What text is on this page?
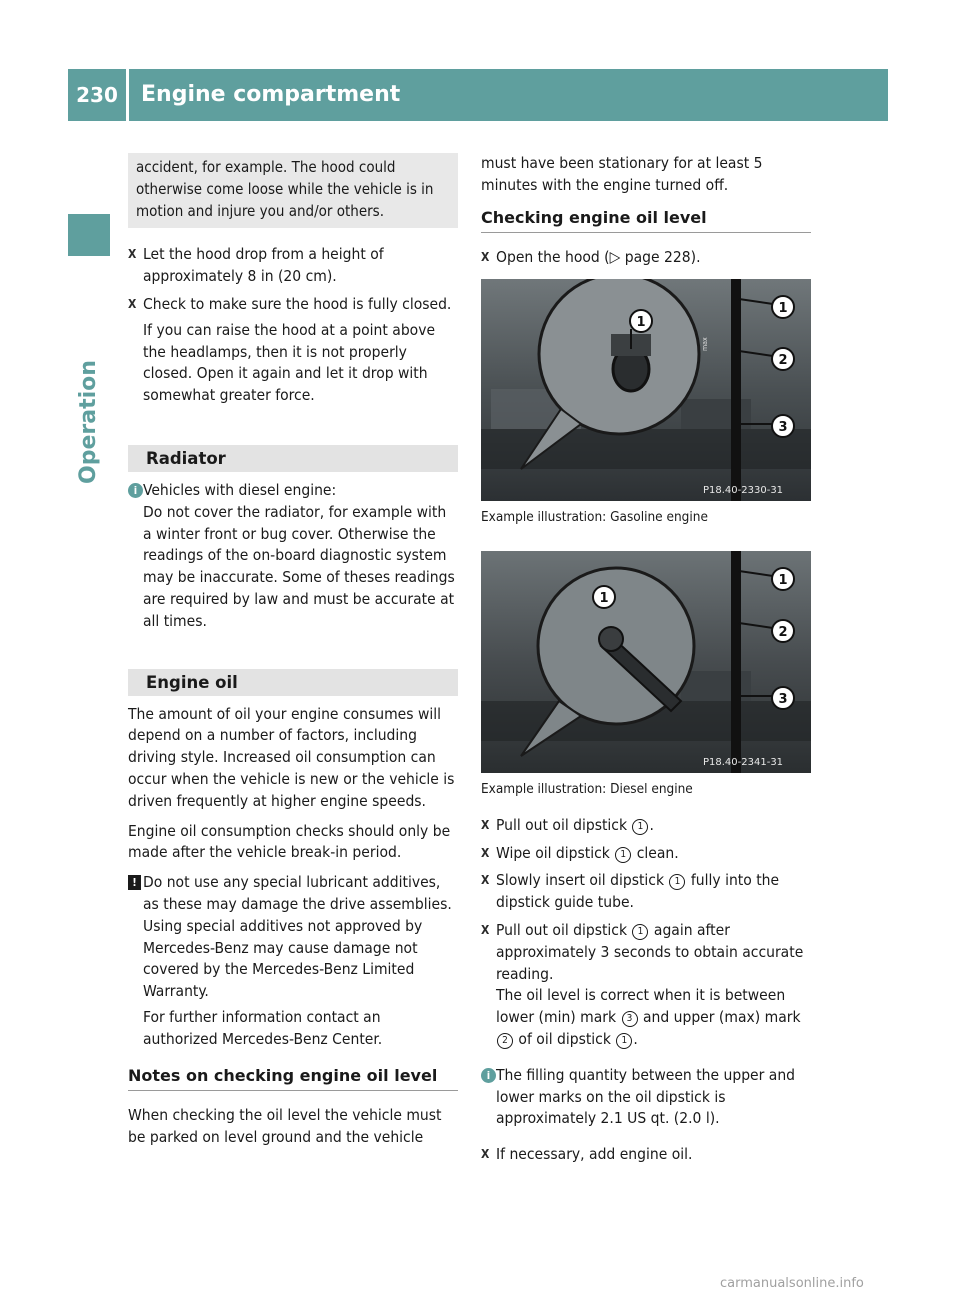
230	Engine compartment
Operation
accident, for example. The hood could otherwise come loose while the vehicle is in motion and injure you and/or others.
X Let the hood drop from a height of approximately 8 in (20 cm).
X Check to make sure the hood is fully closed.

If you can raise the hood at a point above the headlamps, then it is not properly closed. Open it again and let it drop with somewhat greater force.

Radiator
i Vehicles with diesel engine:
Do not cover the radiator, for example with a winter front or bug cover. Otherwise the readings of the on-board diagnostic system may be inaccurate. Some of theses readings are required by law and must be accurate at all times.
Engine oil

The amount of oil your engine consumes will depend on a number of factors, including driving style. Increased oil consumption can occur when the vehicle is new or the vehicle is driven frequently at higher engine speeds.

Engine oil consumption checks should only be made after the vehicle break-in period.

! Do not use any special lubricant additives, as these may damage the drive assemblies. Using special additives not approved by Mercedes-Benz may cause damage not covered by the Mercedes-Benz Limited Warranty.

For further information contact an authorized Mercedes-Benz Center.

Notes on checking engine oil level

When checking the oil level the vehicle must be parked on level ground and the vehicle

must have been stationary for at least 5 minutes with the engine turned off.

Checking engine oil level
X Open the hood (▷ page 228).
max
1
1
2
3
P18.40-2330-31

Example illustration: Gasoline engine

1
1
2
3
P18.40-2341-31

Example illustration: Diesel engine

X Pull out oil dipstick 1 .
X Wipe oil dipstick 1 clean.
X Slowly insert oil dipstick 1 fully into the dipstick guide tube.
X Pull out oil dipstick 1 again after approximately 3 seconds to obtain accurate reading.
The oil level is correct when it is between lower (min) mark 3 and upper (max) mark 2 of oil dipstick 1 .
i The filling quantity between the upper and lower marks on the oil dipstick is approximately 2.1 US qt. (2.0 l).
X If necessary, add engine oil.
carmanualsonline.info
